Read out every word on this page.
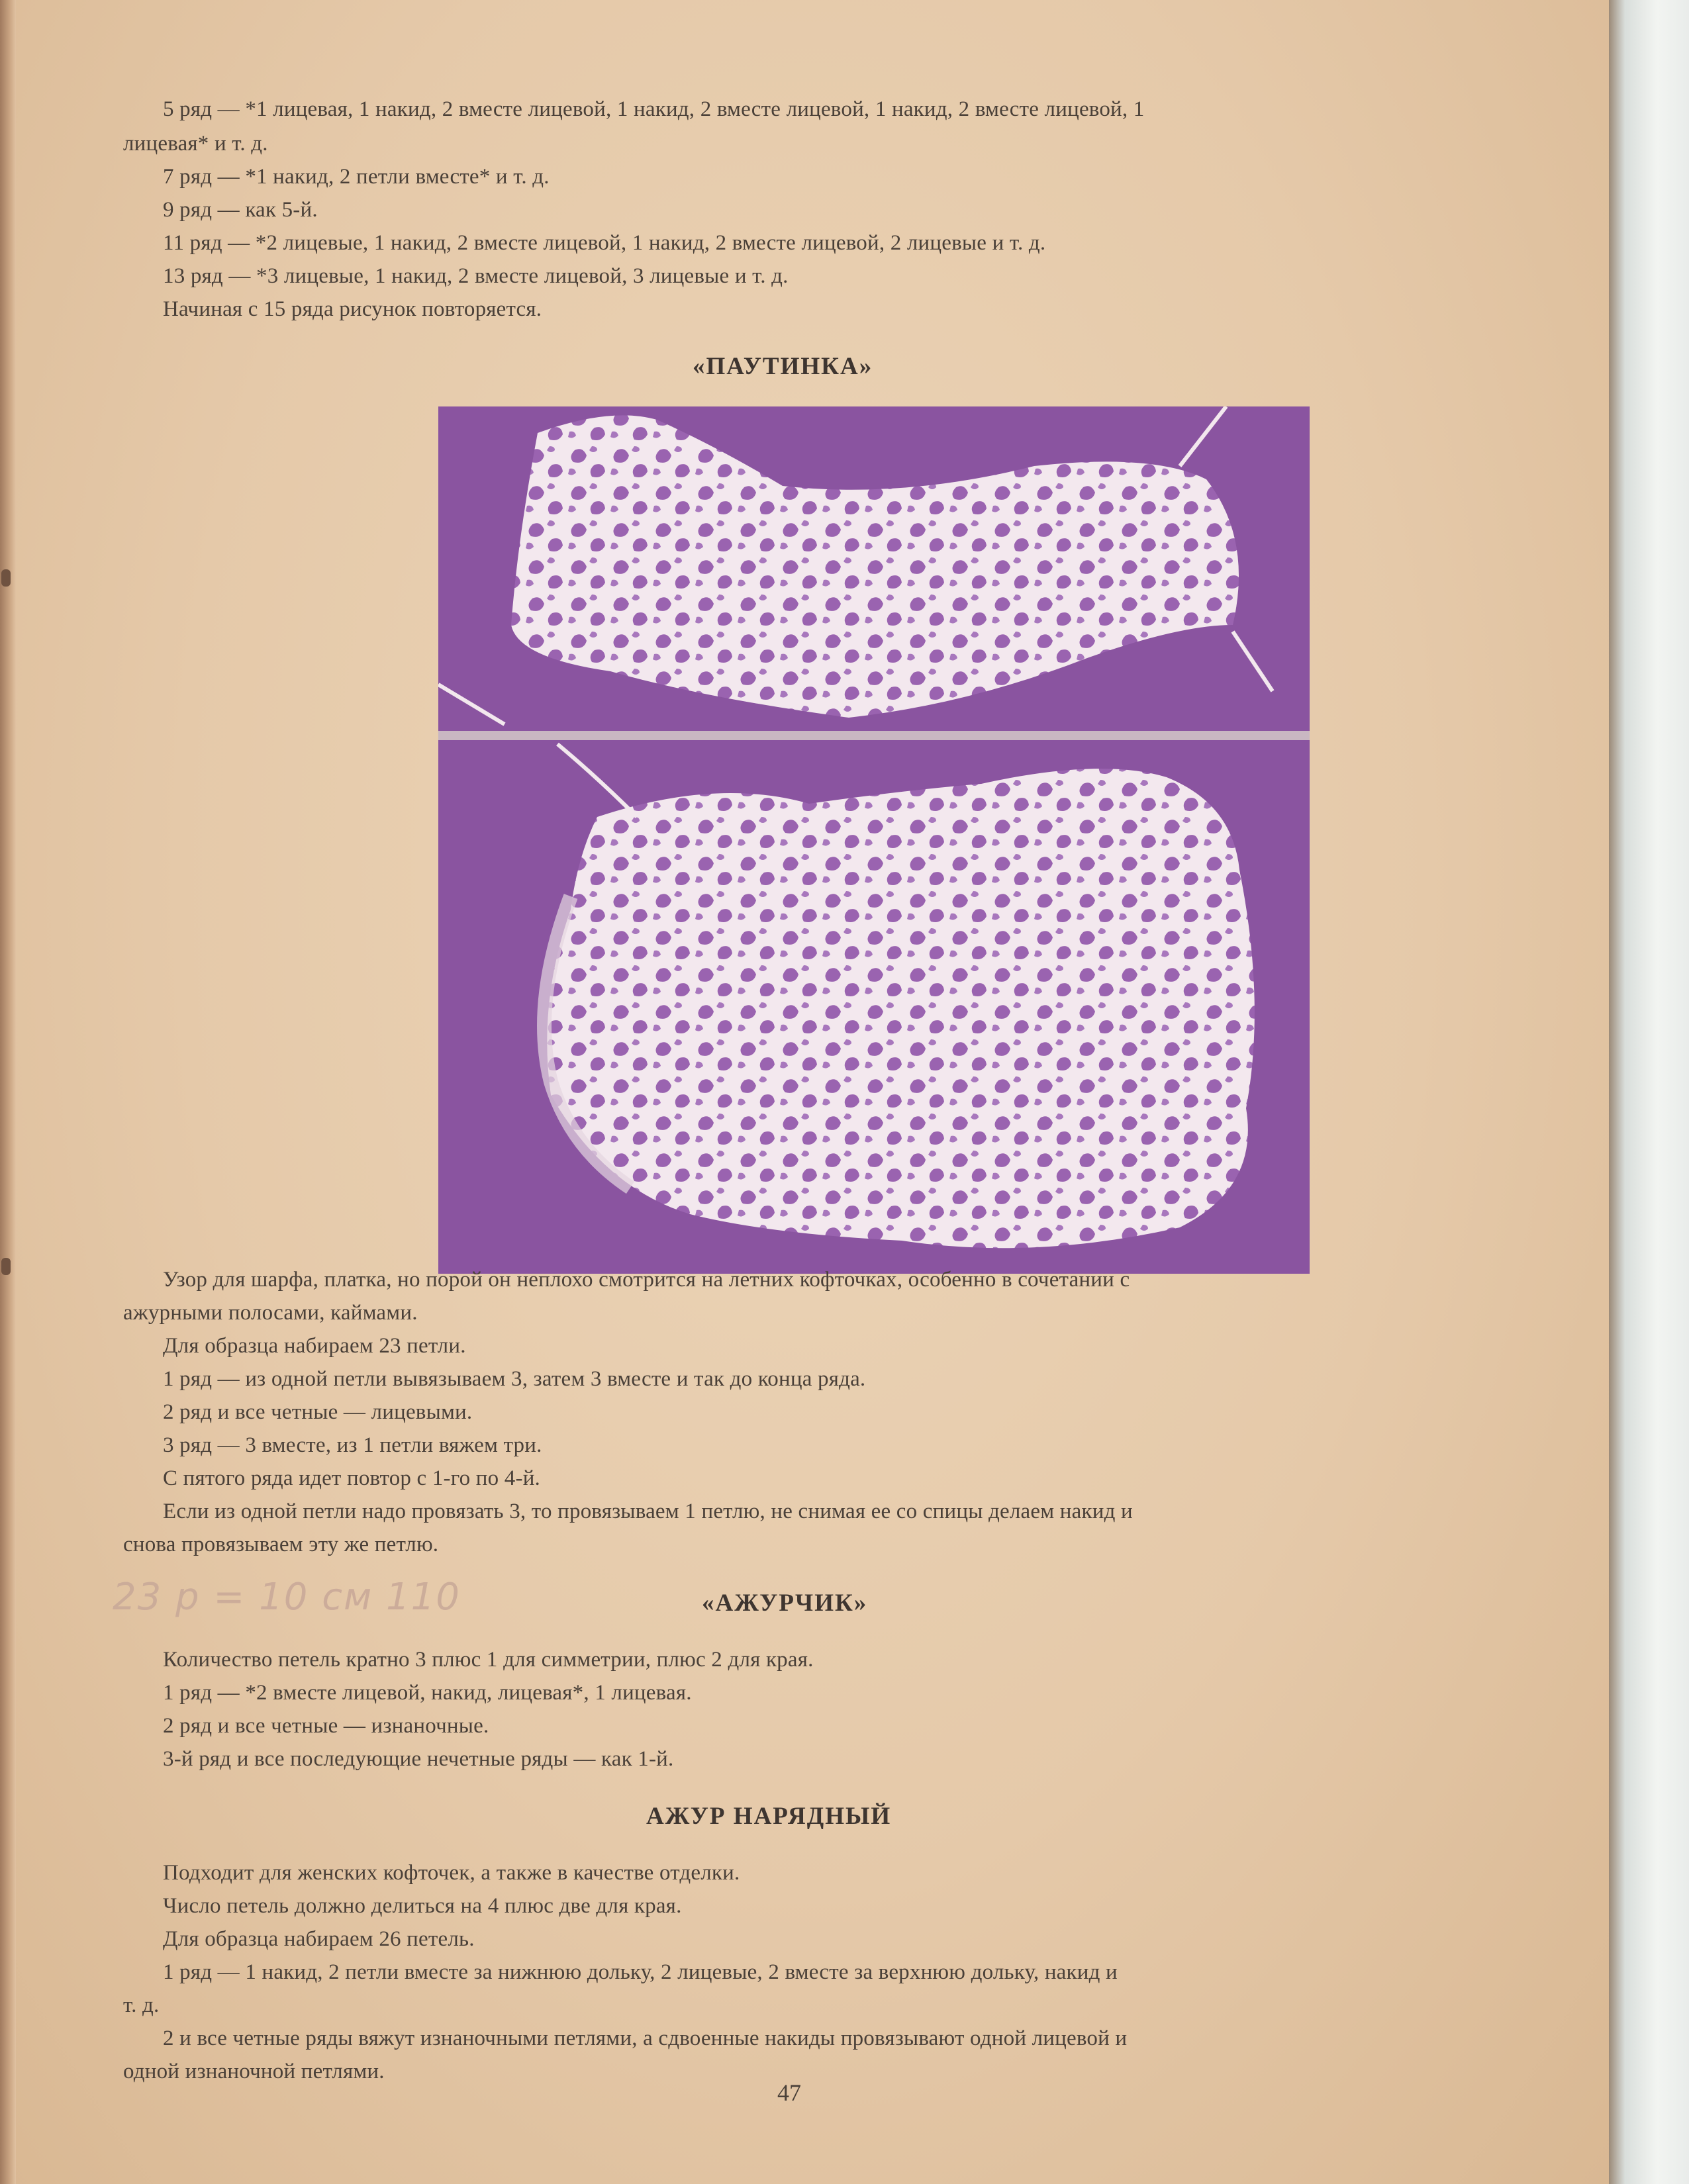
5 ряд — *1 лицевая, 1 накид, 2 вместе лицевой, 1 накид, 2 вместе лицевой, 1 накид, 2 вместе лицевой, 1
лицевая* и т. д.
7 ряд — *1 накид, 2 петли вместе* и т. д.
9 ряд — как 5-й.
11 ряд — *2 лицевые, 1 накид, 2 вместе лицевой, 1 накид, 2 вместе лицевой, 2 лицевые и т. д.
13 ряд — *3 лицевые, 1 накид, 2 вместе лицевой, 3 лицевые и т. д.
Начиная с 15 ряда рисунок повторяется.
«ПАУТИНКА»
Узор для шарфа, платка, но порой он неплохо смотрится на летних кофточках, особенно в сочетании с
ажурными полосами, каймами.
Для образца набираем 23 петли.
1 ряд — из одной петли вывязываем 3, затем 3 вместе и так до конца ряда.
2 ряд и все четные — лицевыми.
3 ряд — 3 вместе, из 1 петли вяжем три.
С пятого ряда идет повтор с 1-го по 4-й.
Если из одной петли надо провязать 3, то провязываем 1 петлю, не снимая ее со спицы делаем накид и
снова провязываем эту же петлю.
23 р = 10 см 110	«АЖУРЧИК»
Количество петель кратно 3 плюс 1 для симметрии, плюс 2 для края.
1 ряд — *2 вместе лицевой, накид, лицевая*, 1 лицевая.
2 ряд и все четные — изнаночные.
3-й ряд и все последующие нечетные ряды — как 1-й.
АЖУР НАРЯДНЫЙ
Подходит для женских кофточек, а также в качестве отделки.
Число петель должно делиться на 4 плюс две для края.
Для образца набираем 26 петель.
1 ряд — 1 накид, 2 петли вместе за нижнюю дольку, 2 лицевые, 2 вместе за верхнюю дольку, накид и
т. д.
2 и все четные ряды вяжут изнаночными петлями, а сдвоенные накиды провязывают одной лицевой и
одной изнаночной петлями.
47
